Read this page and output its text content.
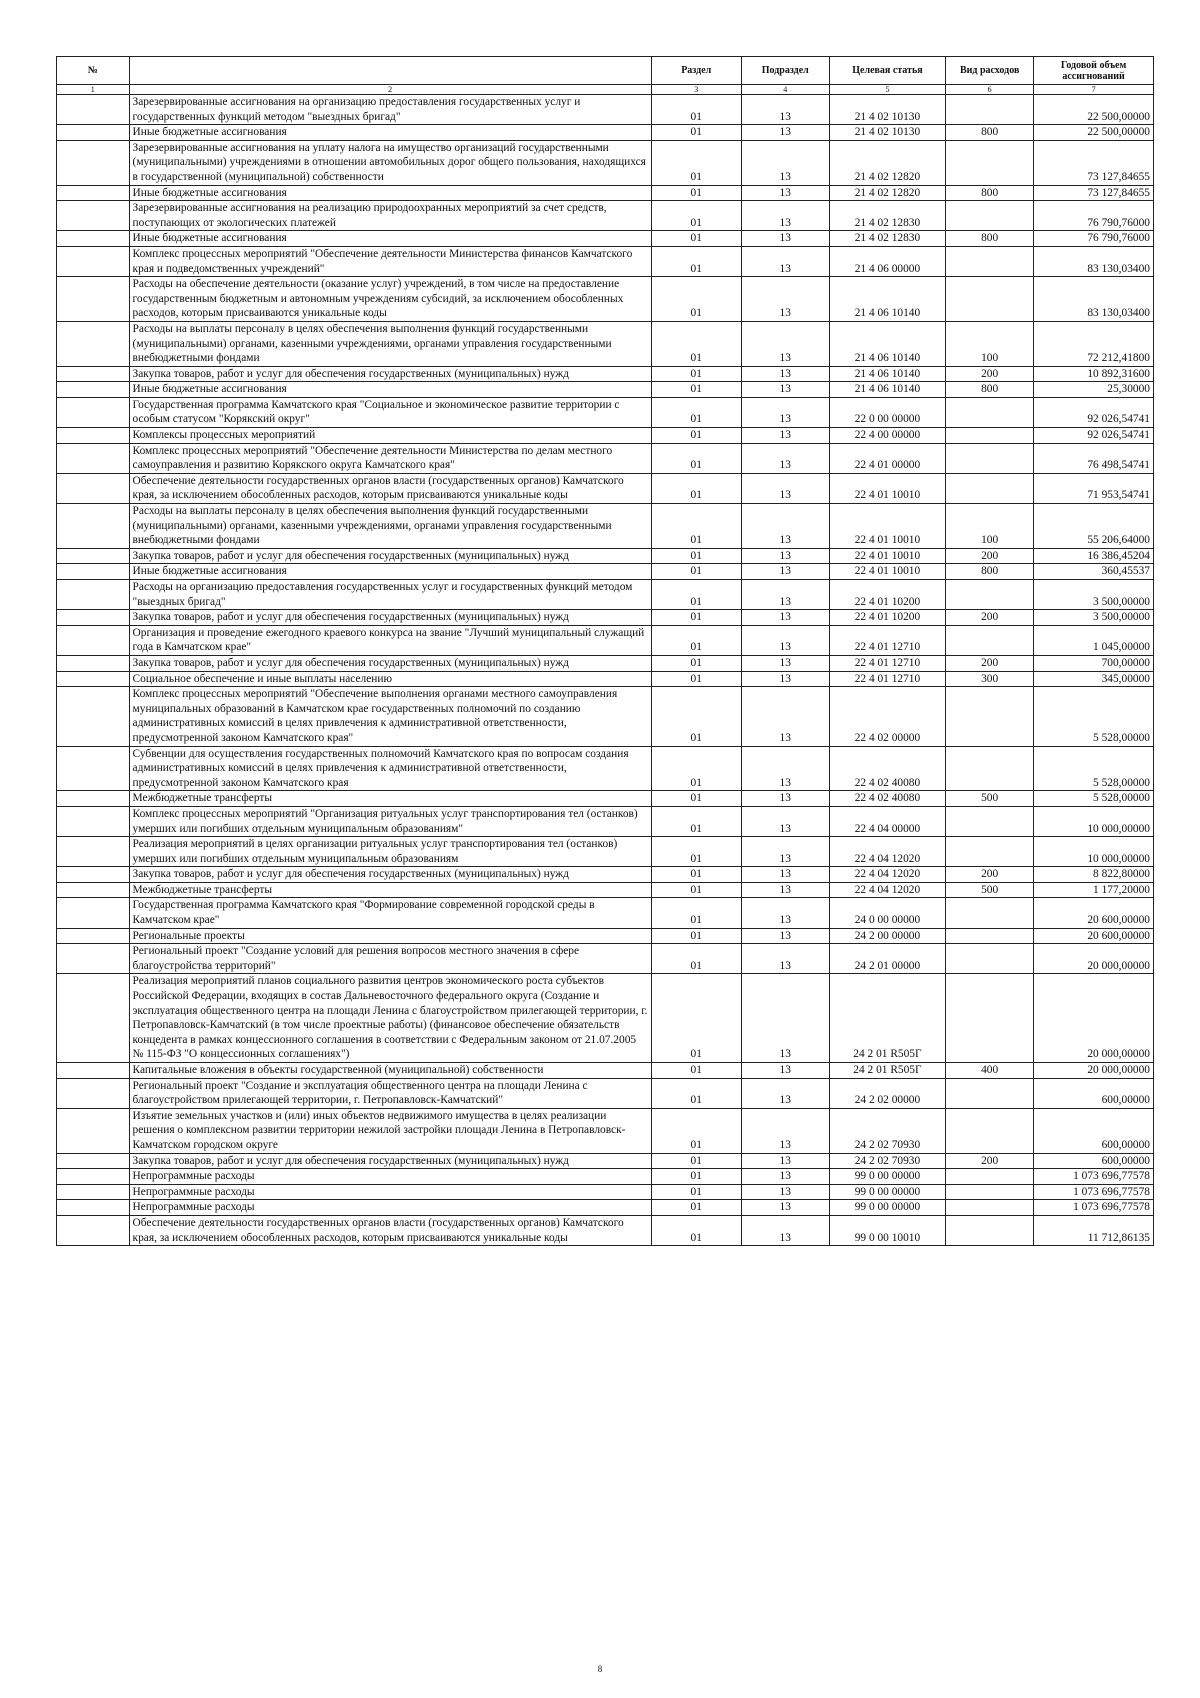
№		Раздел	Подраздел	Целевая статья	Вид расходов	Годовой объем ассигнований
1	2	3	4	5	6	7
	Зарезервированные ассигнования на организацию предоставления государственных услуг и государственных функций методом "выездных бригад"	01	13	21 4 02 10130		22 500,00000
	Иные бюджетные ассигнования	01	13	21 4 02 10130	800	22 500,00000
	Зарезервированные ассигнования на уплату налога на имущество организаций государственными (муниципальными) учреждениями в отношении автомобильных дорог общего пользования, находящихся в государственной (муниципальной) собственности	01	13	21 4 02 12820		73 127,84655
	Иные бюджетные ассигнования	01	13	21 4 02 12820	800	73 127,84655
	Зарезервированные ассигнования на реализацию природоохранных мероприятий за счет средств, поступающих от экологических платежей	01	13	21 4 02 12830		76 790,76000
	Иные бюджетные ассигнования	01	13	21 4 02 12830	800	76 790,76000
	Комплекс процессных мероприятий "Обеспечение деятельности Министерства финансов Камчатского края и подведомственных учреждений"	01	13	21 4 06 00000		83 130,03400
	Расходы на обеспечение деятельности (оказание услуг) учреждений, в том числе на предоставление государственным бюджетным и автономным учреждениям субсидий, за исключением обособленных расходов, которым присваиваются уникальные коды	01	13	21 4 06 10140		83 130,03400
	Расходы на выплаты персоналу в целях обеспечения выполнения функций государственными (муниципальными) органами, казенными учреждениями, органами управления государственными внебюджетными фондами	01	13	21 4 06 10140	100	72 212,41800
	Закупка товаров, работ и услуг для обеспечения государственных (муниципальных) нужд	01	13	21 4 06 10140	200	10 892,31600
	Иные бюджетные ассигнования	01	13	21 4 06 10140	800	25,30000
	Государственная программа Камчатского края "Социальное и экономическое развитие территории с особым статусом "Корякский округ"	01	13	22 0 00 00000		92 026,54741
	Комплексы процессных мероприятий	01	13	22 4 00 00000		92 026,54741
	Комплекс процессных мероприятий "Обеспечение деятельности Министерства по делам местного самоуправления и развитию Корякского округа Камчатского края"	01	13	22 4 01 00000		76 498,54741
	Обеспечение деятельности государственных органов власти (государственных органов) Камчатского края, за исключением обособленных расходов, которым присваиваются уникальные коды	01	13	22 4 01 10010		71 953,54741
	Расходы на выплаты персоналу в целях обеспечения выполнения функций государственными (муниципальными) органами, казенными учреждениями, органами управления государственными внебюджетными фондами	01	13	22 4 01 10010	100	55 206,64000
	Закупка товаров, работ и услуг для обеспечения государственных (муниципальных) нужд	01	13	22 4 01 10010	200	16 386,45204
	Иные бюджетные ассигнования	01	13	22 4 01 10010	800	360,45537
	Расходы на организацию предоставления государственных услуг и государственных функций методом "выездных бригад"	01	13	22 4 01 10200		3 500,00000
	Закупка товаров, работ и услуг для обеспечения государственных (муниципальных) нужд	01	13	22 4 01 10200	200	3 500,00000
	Организация и проведение ежегодного краевого конкурса на звание "Лучший муниципальный служащий года в Камчатском крае"	01	13	22 4 01 12710		1 045,00000
	Закупка товаров, работ и услуг для обеспечения государственных (муниципальных) нужд	01	13	22 4 01 12710	200	700,00000
	Социальное обеспечение и иные выплаты населению	01	13	22 4 01 12710	300	345,00000
	Комплекс процессных мероприятий "Обеспечение выполнения органами местного самоуправления муниципальных образований в Камчатском крае государственных полномочий по созданию административных комиссий в целях привлечения к административной ответственности, предусмотренной законом Камчатского края"	01	13	22 4 02 00000		5 528,00000
	Субвенции для осуществления государственных полномочий Камчатского края по вопросам создания административных комиссий в целях привлечения к административной ответственности, предусмотренной законом Камчатского края	01	13	22 4 02 40080		5 528,00000
	Межбюджетные трансферты	01	13	22 4 02 40080	500	5 528,00000
	Комплекс процессных мероприятий "Организация ритуальных услуг транспортирования тел (останков) умерших или погибших отдельным муниципальным образованиям"	01	13	22 4 04 00000		10 000,00000
	Реализация мероприятий в целях организации ритуальных услуг транспортирования тел (останков) умерших или погибших отдельным муниципальным образованиям	01	13	22 4 04 12020		10 000,00000
	Закупка товаров, работ и услуг для обеспечения государственных (муниципальных) нужд	01	13	22 4 04 12020	200	8 822,80000
	Межбюджетные трансферты	01	13	22 4 04 12020	500	1 177,20000
	Государственная программа Камчатского края "Формирование современной городской среды в Камчатском крае"	01	13	24 0 00 00000		20 600,00000
	Региональные проекты	01	13	24 2 00 00000		20 600,00000
	Региональный проект "Создание условий для решения вопросов местного значения в сфере благоустройства территорий"	01	13	24 2 01 00000		20 000,00000
	Реализация мероприятий планов социального развития центров экономического роста субъектов Российской Федерации, входящих в состав Дальневосточного федерального округа (Создание и эксплуатация общественного центра на площади Ленина с благоустройством прилегающей территории, г. Петропавловск-Камчатский (в том числе проектные работы) (финансовое обеспечение обязательств концедента в рамках концессионного соглашения в соответствии с Федеральным законом от 21.07.2005 № 115-ФЗ "О концессионных соглашениях")	01	13	24 2 01 R505Г		20 000,00000
	Капитальные вложения в объекты государственной (муниципальной) собственности	01	13	24 2 01 R505Г	400	20 000,00000
	Региональный проект "Создание и эксплуатация общественного центра на площади Ленина с благоустройством прилегающей территории, г. Петропавловск-Камчатский"	01	13	24 2 02 00000		600,00000
	Изъятие земельных участков и (или) иных объектов недвижимого имущества в целях реализации решения о комплексном развитии территории нежилой застройки площади Ленина в Петропавловск-Камчатском городском округе	01	13	24 2 02 70930		600,00000
	Закупка товаров, работ и услуг для обеспечения государственных (муниципальных) нужд	01	13	24 2 02 70930	200	600,00000
	Непрограммные расходы	01	13	99 0 00 00000		1 073 696,77578
	Непрограммные расходы	01	13	99 0 00 00000		1 073 696,77578
	Непрограммные расходы	01	13	99 0 00 00000		1 073 696,77578
	Обеспечение деятельности государственных органов власти (государственных органов) Камчатского края, за исключением обособленных расходов, которым присваиваются уникальные коды	01	13	99 0 00 10010		11 712,86135
8
